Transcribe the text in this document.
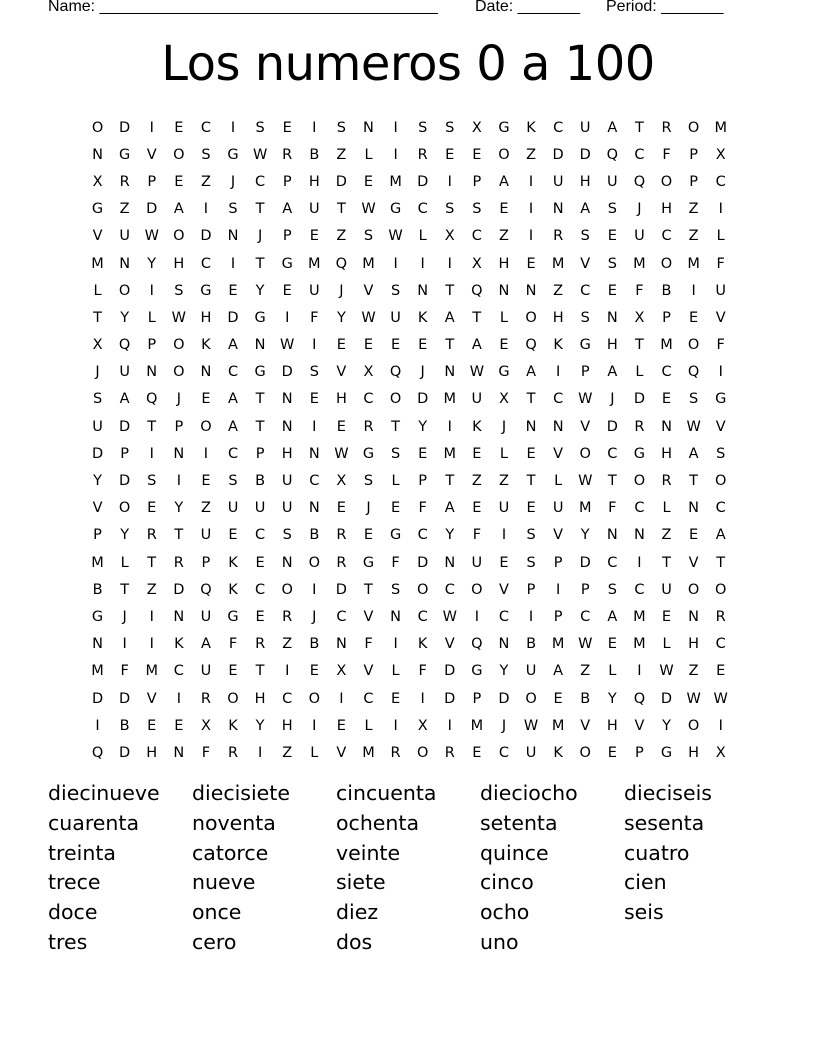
Name: ______________________________________ Date: _______ Period: _______
Los numeros 0 a 100
O	D	I	E	C	I	S	E	I	S	N	I	S	S	X	G	K	C	U	A	T	R	O	M
N	G	V	O	S	G W	R	B	Z	L	I	R	E	E	O	Z	D	D	Q	C	F	P	X
X	R	P	E	Z	J	C	P	H	D	E	M	D	I	P	A	I	U	H	U	Q	O	P	C
G	Z	D	A	I	S	T	A	U	T	W G	C	S	S	E	I	N	A	S	J	H	Z	I
V	U	W O	D	N	J	P	E	Z	S	W	L	X	C	Z	I	R	S	E	U	C	Z	L
M	N	Y	H	C	I	T	G	M	Q	M	I	I	I	X	H	E	M	V	S	M	O	M	F
L	O	I	S	G	E	Y	E	U	J	V	S	N	T	Q	N	N	Z	C	E	F	B	I	U
T	Y	L	W H	D	G	I	F	Y	W	U	K	A	T	L	O	H	S	N	X	P	E	V
X	Q	P	O	K	A	N	W	I	E	E	E	E	T	A	E	Q	K	G	H	T	M	O	F
J	U	N	O	N	C	G	D	S	V	X	Q	J	N	W G	A	I	P	A	L	C	Q	I
S	A	Q	J	E	A	T	N	E	H	C	O	D	M	U	X	T	C	W	J	D	E	S	G
U	D	T	P	O	A	T	N	I	E	R	T	Y	I	K	J	N	N	V	D	R	N	W	V
D	P	I	N	I	C	P	H	N	W G	S	E	M	E	L	E	V	O	C	G	H	A	S
Y	D	S	I	E	S	B	U	C	X	S	L	P	T	Z	Z	T	L	W	T	O	R	T	O
V	O	E	Y	Z	U	U	U	N	E	J	E	F	A	E	U	E	U	M	F	C	L	N	C
P	Y	R	T	U	E	C	S	B	R	E	G	C	Y	F	I	S	V	Y	N	N	Z	E	A
M	L	T	R	P	K	E	N	O	R	G	F	D	N	U	E	S	P	D	C	I	T	V	T
B	T	Z	D	Q	K	C	O	I	D	T	S	O	C	O	V	P	I	P	S	C	U	O	O
G	J	I	N	U	G	E	R	J	C	V	N	C	W	I	C	I	P	C	A	M	E	N	R
N	I	I	K	A	F	R	Z	B	N	F	I	K	V	Q	N	B	M W	E	M	L	H	C
M	F	M	C	U	E	T	I	E	X	V	L	F	D	G	Y	U	A	Z	L	I	W	Z	E
D	D	V	I	R	O	H	C	O	I	C	E	I	D	P	D	O	E	B	Y	Q	D W W
I	B	E	E	X	K	Y	H	I	E	L	I	X	I	M	J	W M	V	H	V	Y	O	I
Q	D	H	N	F	R	I	Z	L	V	M	R	O	R	E	C	U	K	O	E	P	G	H	X
diecinueve	diecisiete	cincuenta	dieciocho	dieciseis
cuarenta	noventa	ochenta	setenta	sesenta
treinta	catorce	veinte	quince	cuatro
trece	nueve	siete	cinco	cien
doce	once	diez	ocho	seis
tres	cero	dos	uno
